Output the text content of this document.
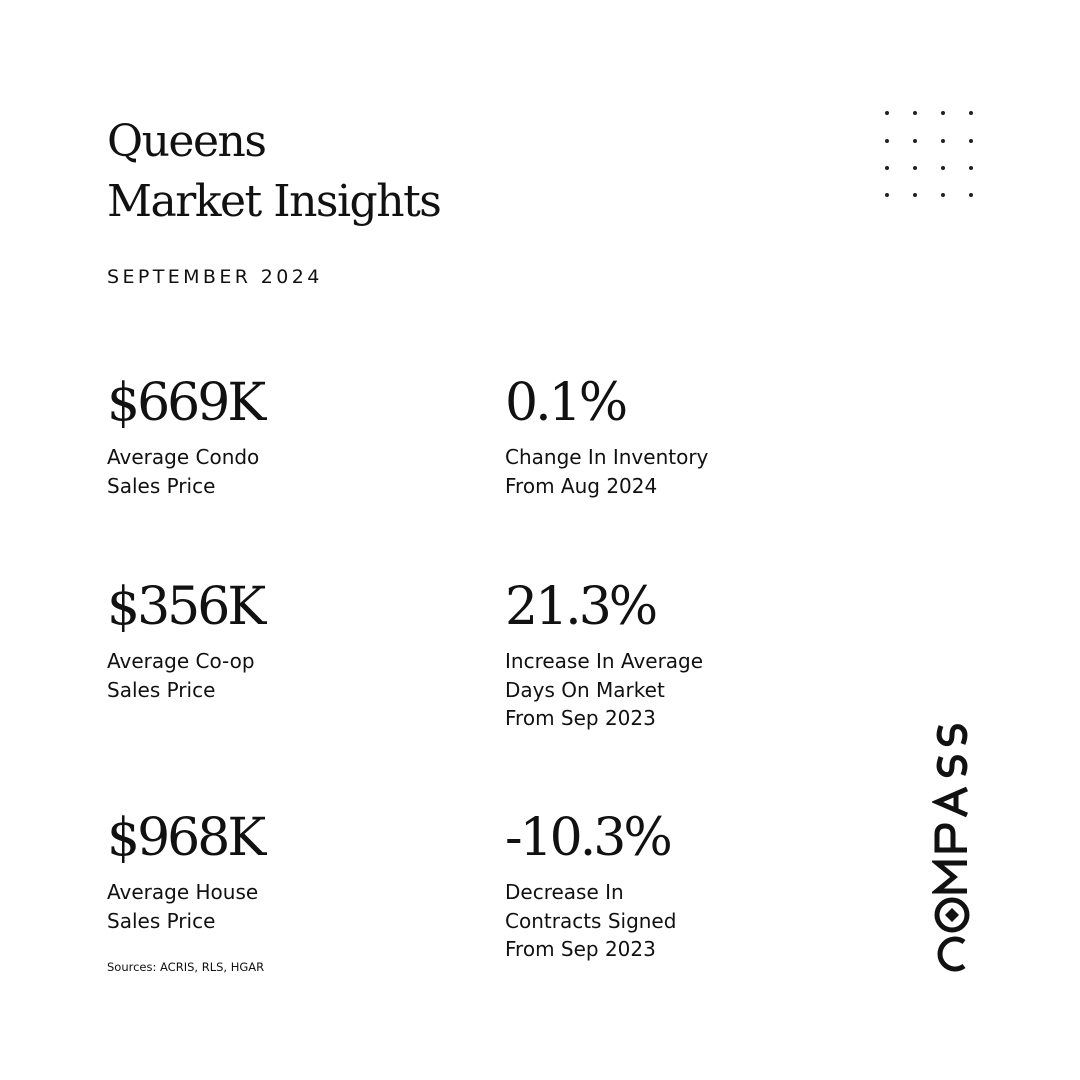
Queens
Market Insights
SEPTEMBER 2024
$669K
Average Condo
Sales Price
0.1%
Change In Inventory
From Aug 2024
$356K
Average Co-op
Sales Price
21.3%
Increase In Average
Days On Market
From Sep 2023
$968K
Average House
Sales Price
-10.3%
Decrease In
Contracts Signed
From Sep 2023
Sources: ACRIS, RLS, HGAR
